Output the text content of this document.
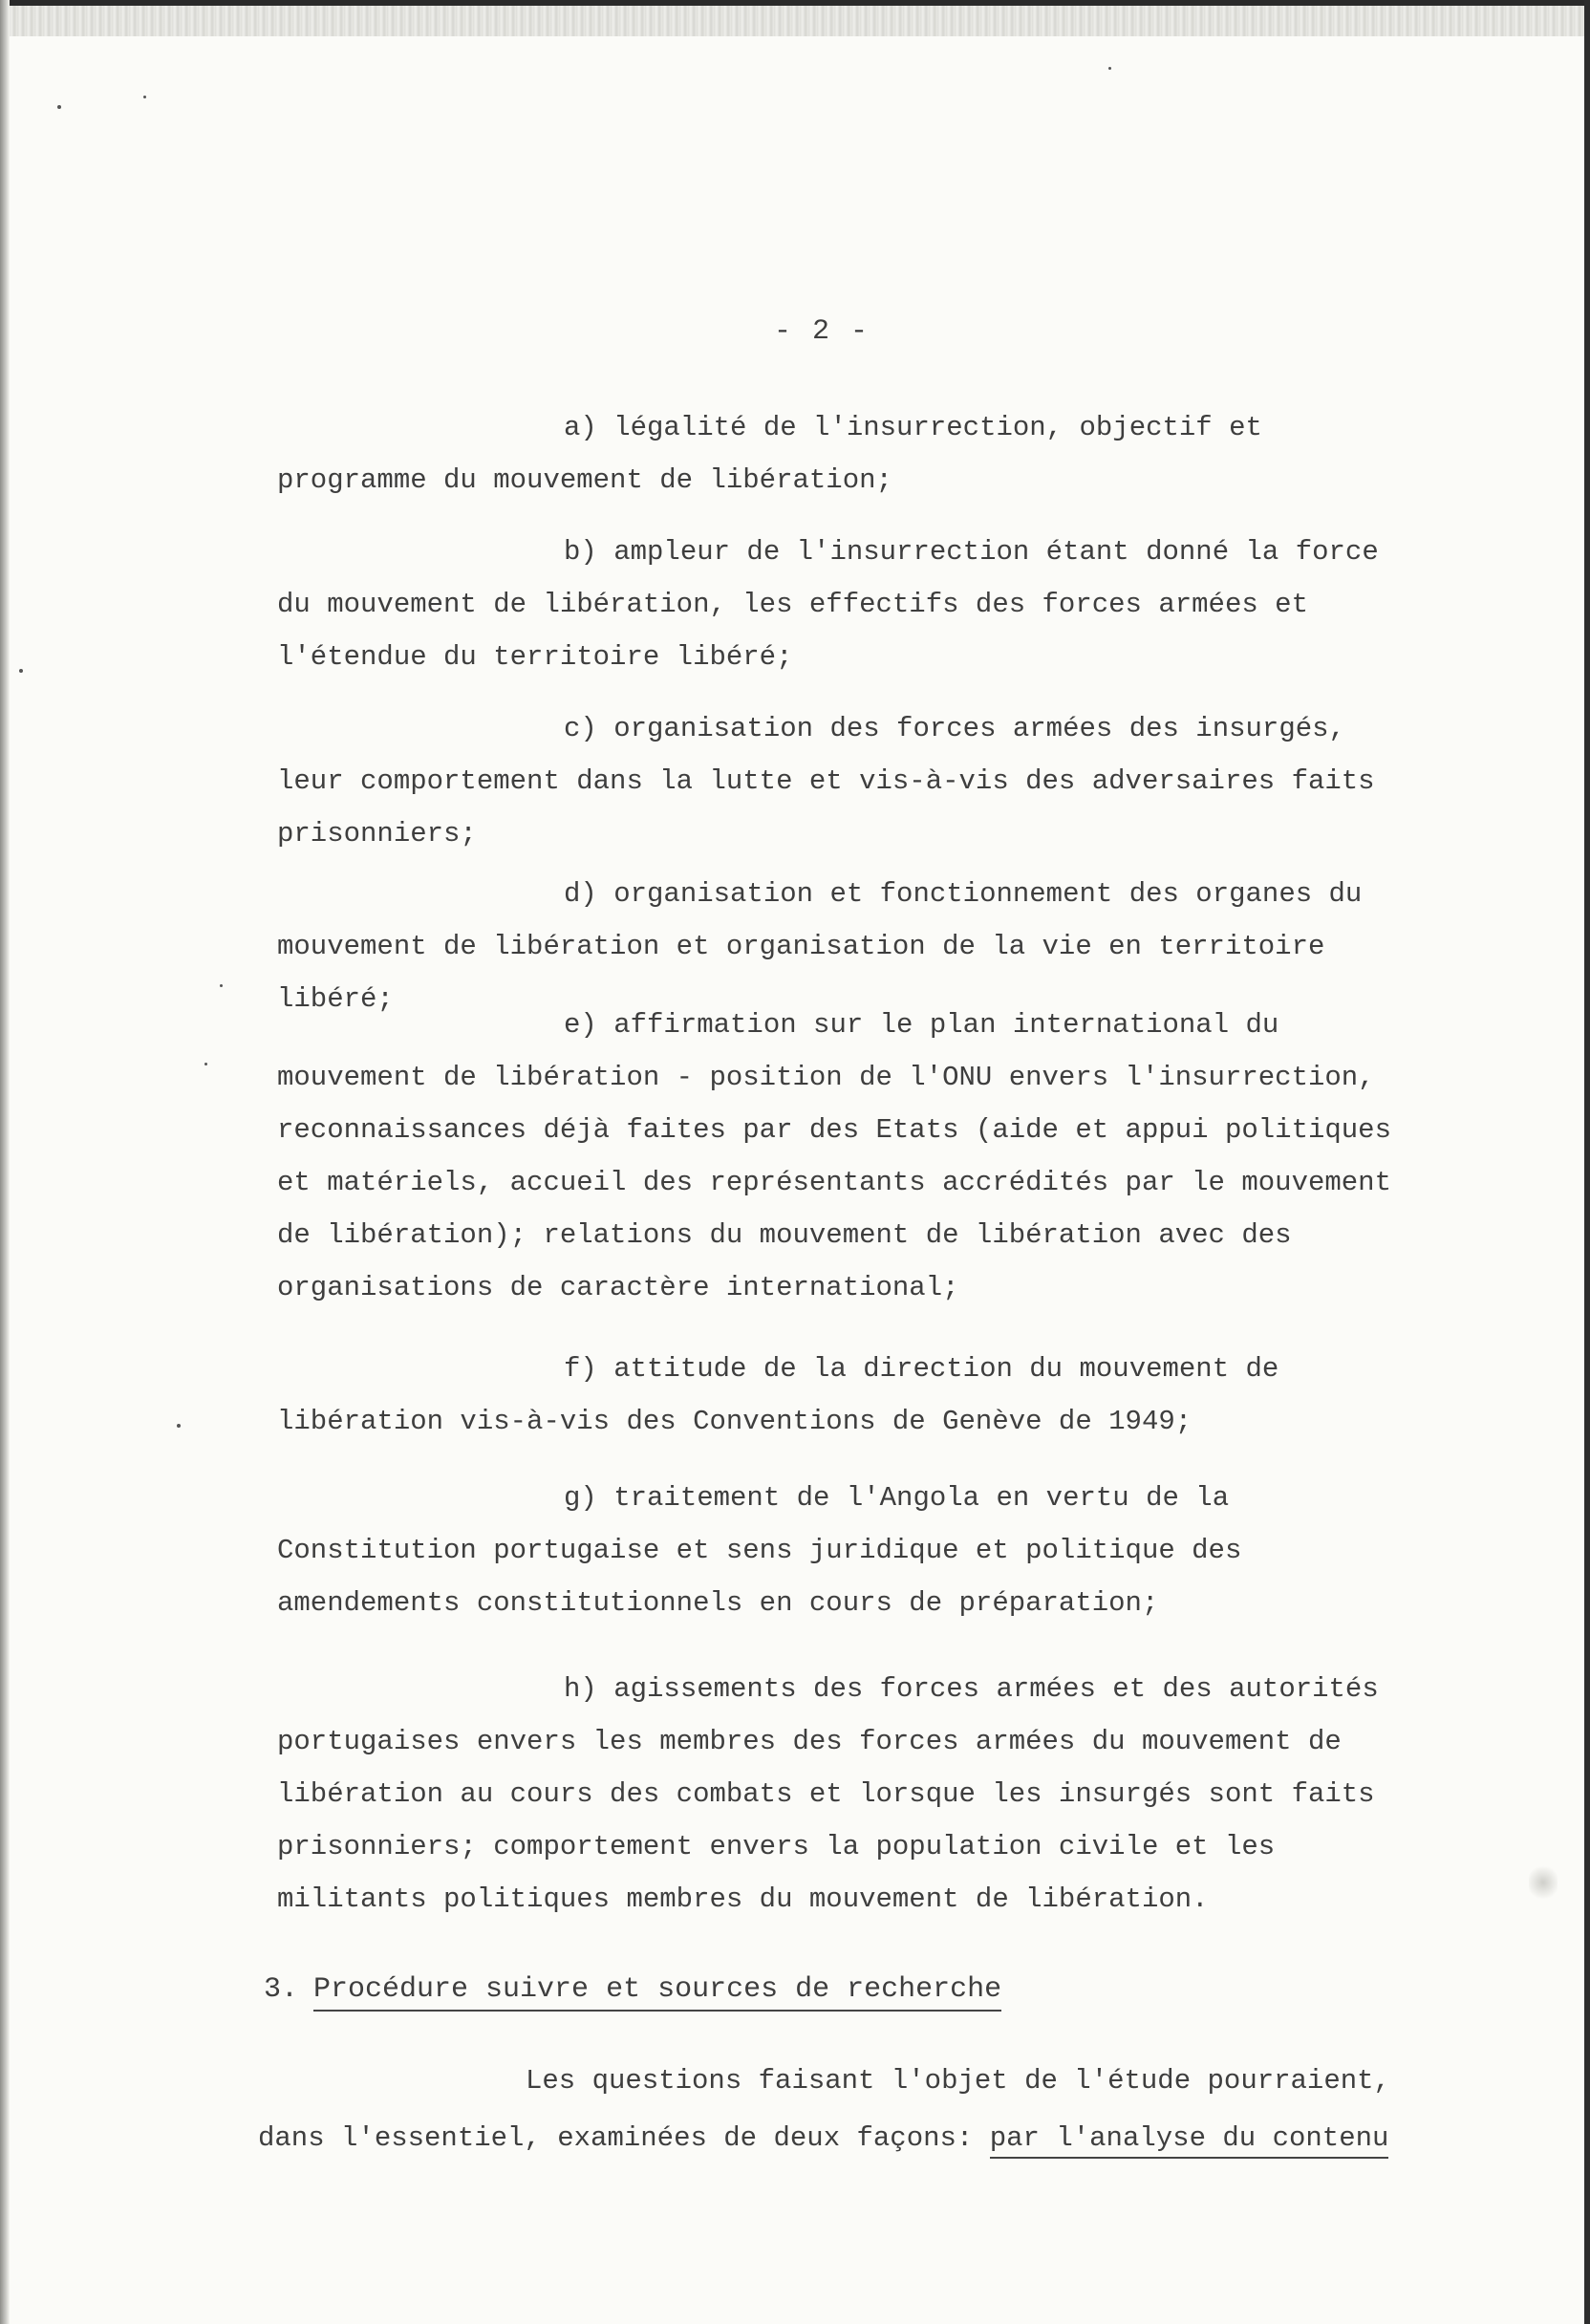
- 2 -

a) légalité de l'insurrection, objectif et programme du mouvement de libération;

b) ampleur de l'insurrection étant donné la force du mouvement de libération, les effectifs des forces armées et l'étendue du territoire libéré;

c) organisation des forces armées des insurgés, leur comportement dans la lutte et vis-à-vis des adversaires faits prisonniers;

d) organisation et fonctionnement des organes du mouvement de libération et organisation de la vie en territoire libéré;

e) affirmation sur le plan international du mouvement de libération - position de l'ONU envers l'insurrection, reconnaissances déjà faites par des Etats (aide et appui politiques et matériels, accueil des représentants accrédités par le mouvement de libération); relations du mouvement de libération avec des organisations de caractère international;

f) attitude de la direction du mouvement de libération vis-à-vis des Conventions de Genève de 1949;

g) traitement de l'Angola en vertu de la Constitution portugaise et sens juridique et politique des amendements constitutionnels en cours de préparation;

h) agissements des forces armées et des autorités portugaises envers les membres des forces armées du mouvement de libération au cours des combats et lorsque les insurgés sont faits prisonniers; comportement envers la population civile et les militants politiques membres du mouvement de libération.

3. Procédure suivre et sources de recherche

Les questions faisant l'objet de l'étude pourraient, dans l'essentiel, examinées de deux façons: par l'analyse du contenu
